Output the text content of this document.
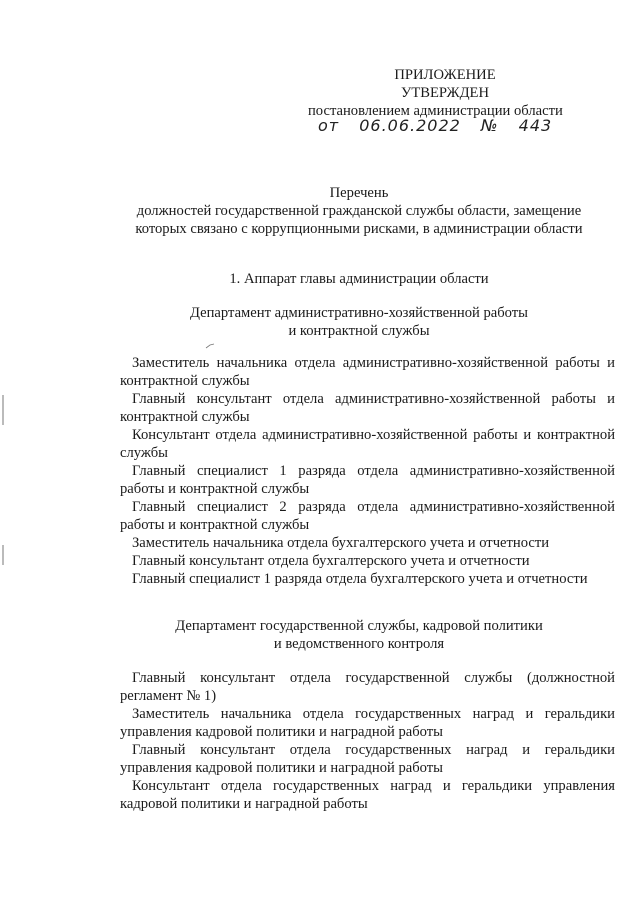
ПРИЛОЖЕНИЕ
УТВЕРЖДЕН
постановлением администрации области
от 06.06.2022 № 443
Перечень
должностей государственной гражданской службы области, замещение
которых связано с коррупционными рисками, в администрации области
1. Аппарат главы администрации области
Департамент административно-хозяйственной работы
и контрактной службы

Заместитель начальника отдела административно-хозяйственной работы и контрактной службы

Главный консультант отдела административно-хозяйственной работы и контрактной службы

Консультант отдела административно-хозяйственной работы и контрактной службы

Главный специалист 1 разряда отдела административно-хозяйственной работы и контрактной службы

Главный специалист 2 разряда отдела административно-хозяйственной работы и контрактной службы

Заместитель начальника отдела бухгалтерского учета и отчетности

Главный консультант отдела бухгалтерского учета и отчетности

Главный специалист 1 разряда отдела бухгалтерского учета и отчетности

Департамент государственной службы, кадровой политики
и ведомственного контроля

Главный консультант отдела государственной службы (должностной регламент № 1)

Заместитель начальника отдела государственных наград и геральдики управления кадровой политики и наградной работы

Главный консультант отдела государственных наград и геральдики управления кадровой политики и наградной работы

Консультант отдела государственных наград и геральдики управления кадровой политики и наградной работы
